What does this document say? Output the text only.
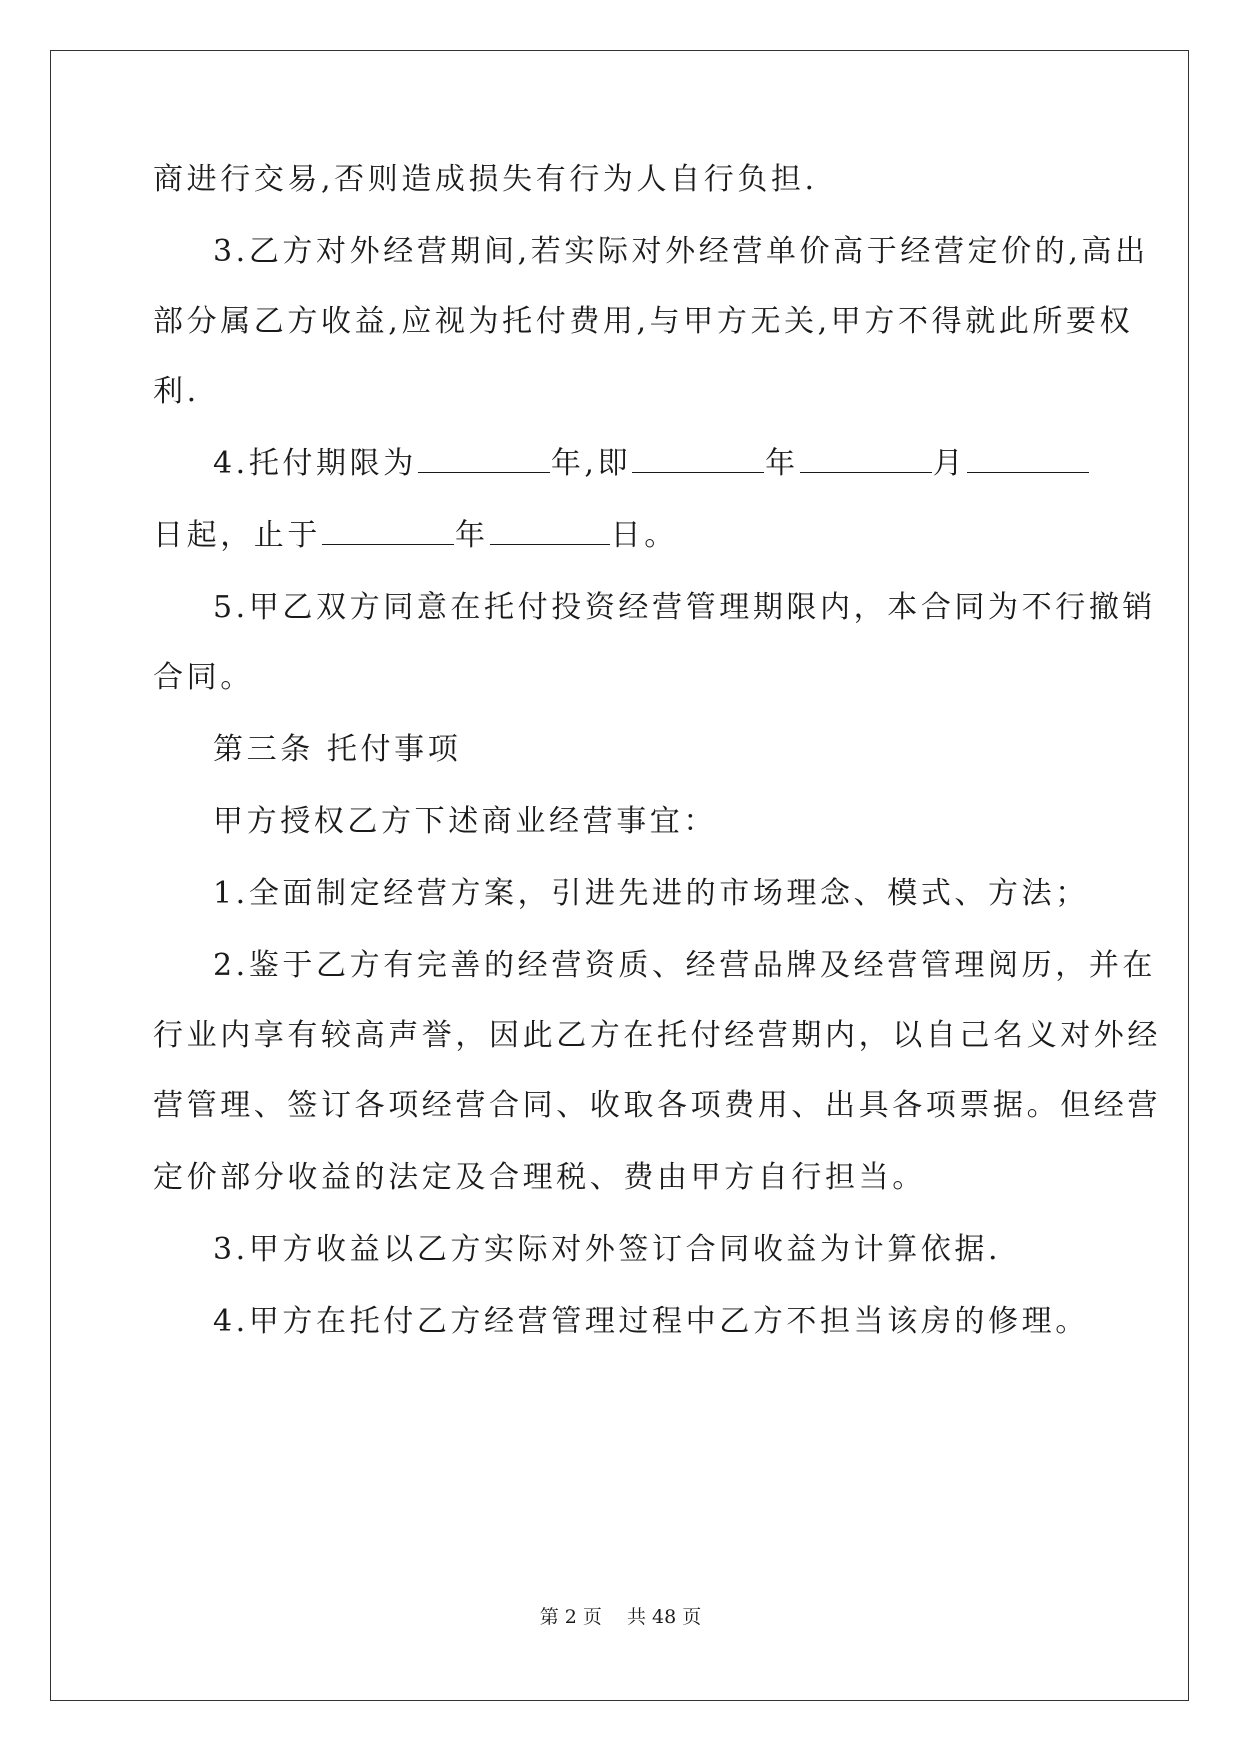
商进行交易,否则造成损失有行为人自行负担.
3.乙方对外经营期间,若实际对外经营单价高于经营定价的,高出
部分属乙方收益,应视为托付费用,与甲方无关,甲方不得就此所要权
利.
4.托付期限为	年,即	年	月
日起，止于	年	日。
5.甲乙双方同意在托付投资经营管理期限内，本合同为不行撤销
合同。
第三条 托付事项
甲方授权乙方下述商业经营事宜：
1.全面制定经营方案，引进先进的市场理念、模式、方法；
2.鉴于乙方有完善的经营资质、经营品牌及经营管理阅历，并在
行业内享有较高声誉，因此乙方在托付经营期内，以自己名义对外经
营管理、签订各项经营合同、收取各项费用、出具各项票据。但经营
定价部分收益的法定及合理税、费由甲方自行担当。
3.甲方收益以乙方实际对外签订合同收益为计算依据.
4.甲方在托付乙方经营管理过程中乙方不担当该房的修理。
第 2 页　 共 48 页
